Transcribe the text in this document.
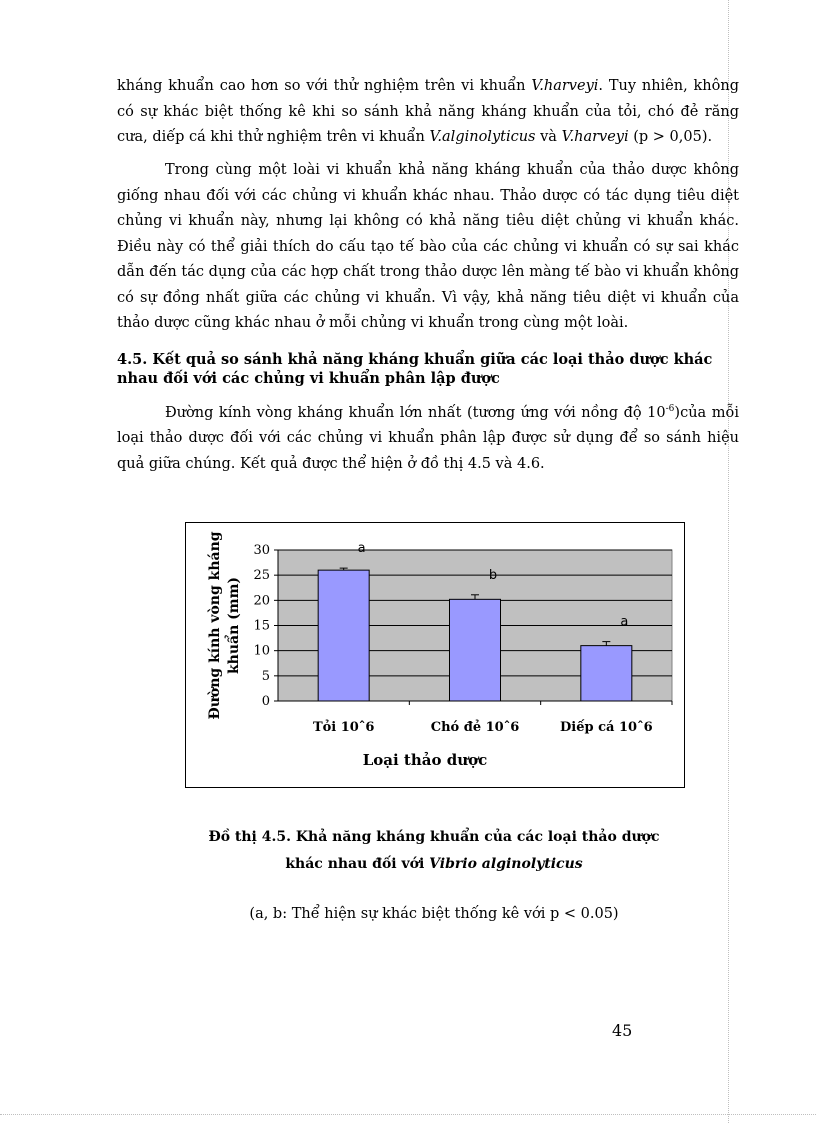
kháng khuẩn cao hơn so với thử nghiệm trên vi khuẩn V.harveyi. Tuy nhiên, không có sự khác biệt thống kê khi so sánh khả năng kháng khuẩn của tỏi, chó đẻ răng cưa, diếp cá khi thử nghiệm trên vi khuẩn V.alginolyticus và V.harveyi (p > 0,05).

Trong cùng một loài vi khuẩn khả năng kháng khuẩn của thảo dược không giống nhau đối với các chủng vi khuẩn khác nhau. Thảo dược có tác dụng tiêu diệt chủng vi khuẩn này, nhưng lại không có khả năng tiêu diệt chủng vi khuẩn khác. Điều này có thể giải thích do cấu tạo tế bào của các chủng vi khuẩn có sự sai khác dẫn đến tác dụng của các hợp chất trong thảo dược lên màng tế bào vi khuẩn không có sự đồng nhất giữa các chủng vi khuẩn. Vì vậy, khả năng tiêu diệt vi khuẩn của thảo dược cũng khác nhau ở mỗi chủng vi khuẩn trong cùng một loài.

4.5. Kết quả so sánh khả năng kháng khuẩn giữa các loại thảo dược khác nhau đối với các chủng vi khuẩn phân lập được

Đường kính vòng kháng khuẩn lớn nhất (tương ứng với nồng độ $10^{-6})của$ mỗi loại thảo dược đối với các chủng vi khuẩn phân lập được sử dụng để so sánh hiệu quả giữa chúng. Kết quả được thể hiện ở đồ thị 4.5 và 4.6.

0
5
10
15
20
25
30	a
Tỏi 10ˆ6
b
Chó đẻ 10ˆ6
a
Diếp cá 10ˆ6
Loại thảo dược
Đường kính vòng kháng khuẩn (mm)
Đồ thị 4.5. Khả năng kháng khuẩn của các loại thảo dược
khác nhau đối với Vibrio alginolyticus
(a, b: Thể hiện sự khác biệt thống kê với p < 0.05)
45
